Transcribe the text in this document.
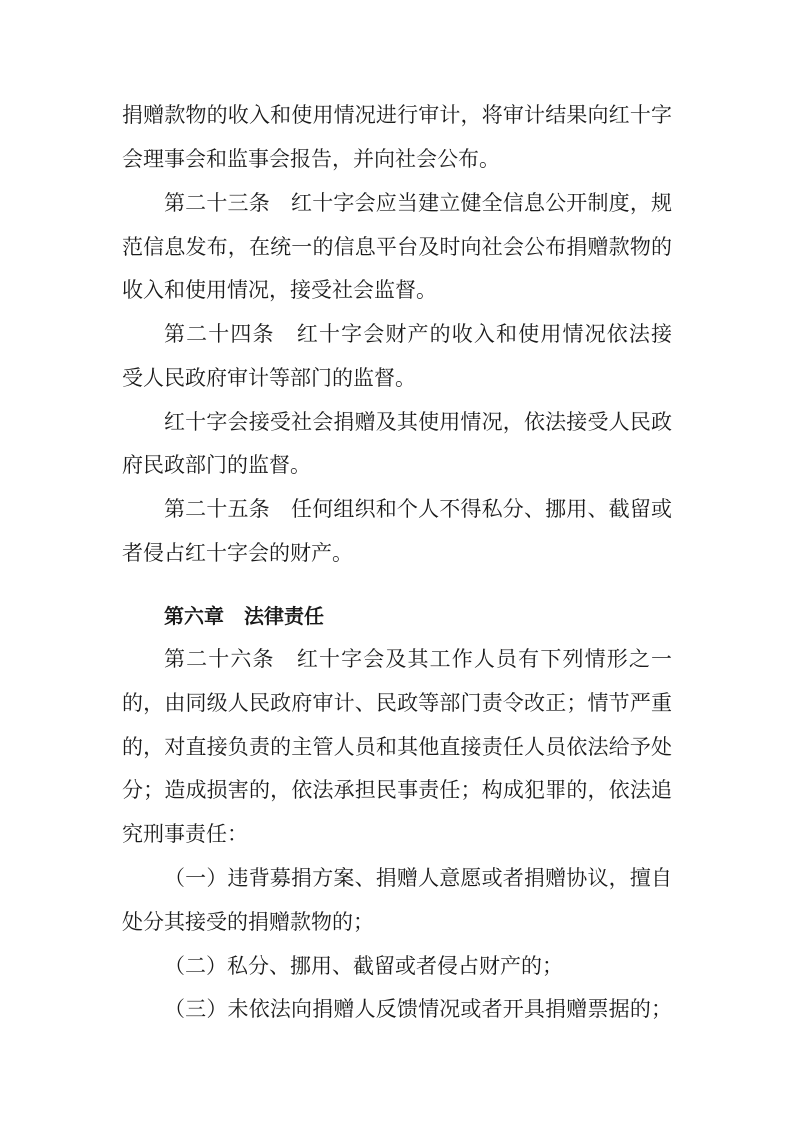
捐赠款物的收入和使用情况进行审计，将审计结果向红十字
会理事会和监事会报告，并向社会公布。
第二十三条 红十字会应当建立健全信息公开制度，规
范信息发布，在统一的信息平台及时向社会公布捐赠款物的
收入和使用情况，接受社会监督。
第二十四条 红十字会财产的收入和使用情况依法接
受人民政府审计等部门的监督。
红十字会接受社会捐赠及其使用情况，依法接受人民政
府民政部门的监督。
第二十五条 任何组织和个人不得私分、挪用、截留或
者侵占红十字会的财产。
第六章 法律责任
第二十六条 红十字会及其工作人员有下列情形之一
的，由同级人民政府审计、民政等部门责令改正；情节严重
的，对直接负责的主管人员和其他直接责任人员依法给予处
分；造成损害的，依法承担民事责任；构成犯罪的，依法追
究刑事责任：
（一）违背募捐方案、捐赠人意愿或者捐赠协议，擅自
处分其接受的捐赠款物的；
（二）私分、挪用、截留或者侵占财产的；
（三）未依法向捐赠人反馈情况或者开具捐赠票据的；
